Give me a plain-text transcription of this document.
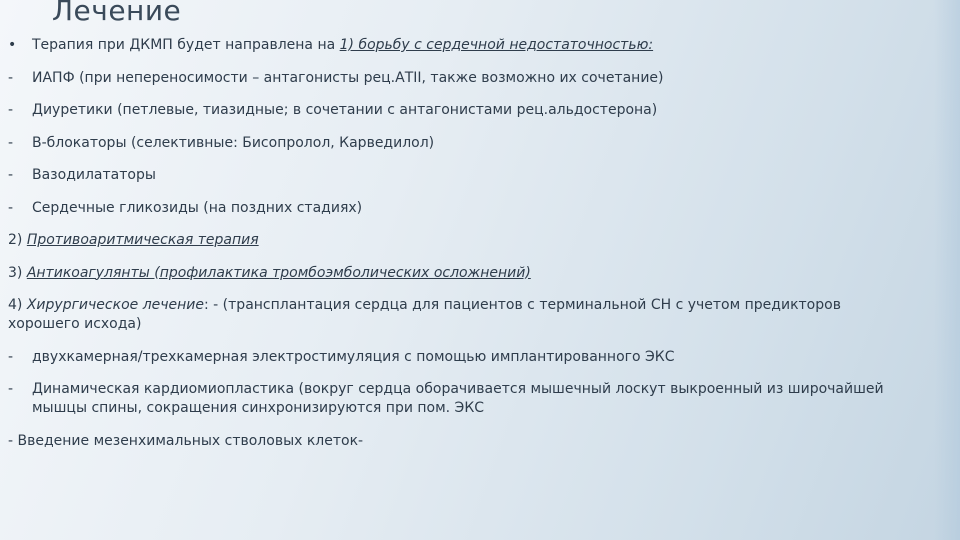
Лечение

• Терапия при ДКМП будет направлена на 1) борьбу с сердечной недостаточностью:

- ИАПФ (при непереносимости – антагонисты рец.АТII, также возможно их сочетание)

- Диуретики (петлевые, тиазидные; в сочетании с антагонистами рец.альдостерона)

- B-блокаторы (селективные: Бисопролол, Карведилол)

- Вазодилататоры

- Сердечные гликозиды (на поздних стадиях)

2) Противоаритмическая терапия

3) Антикоагулянты (профилактика тромбоэмболических осложнений)

4) Хирургическое лечение: - (трансплантация сердца для пациентов с терминальной СН с учетом предикторов хорошего исхода)

- двухкамерная/трехкамерная электростимуляция с помощью имплантированного ЭКС

- Динамическая кардиомиопластика (вокруг сердца оборачивается мышечный лоскут выкроенный из широчайшей мышцы спины, сокращения синхронизируются при пом. ЭКС

- Введение мезенхимальных стволовых клеток-
